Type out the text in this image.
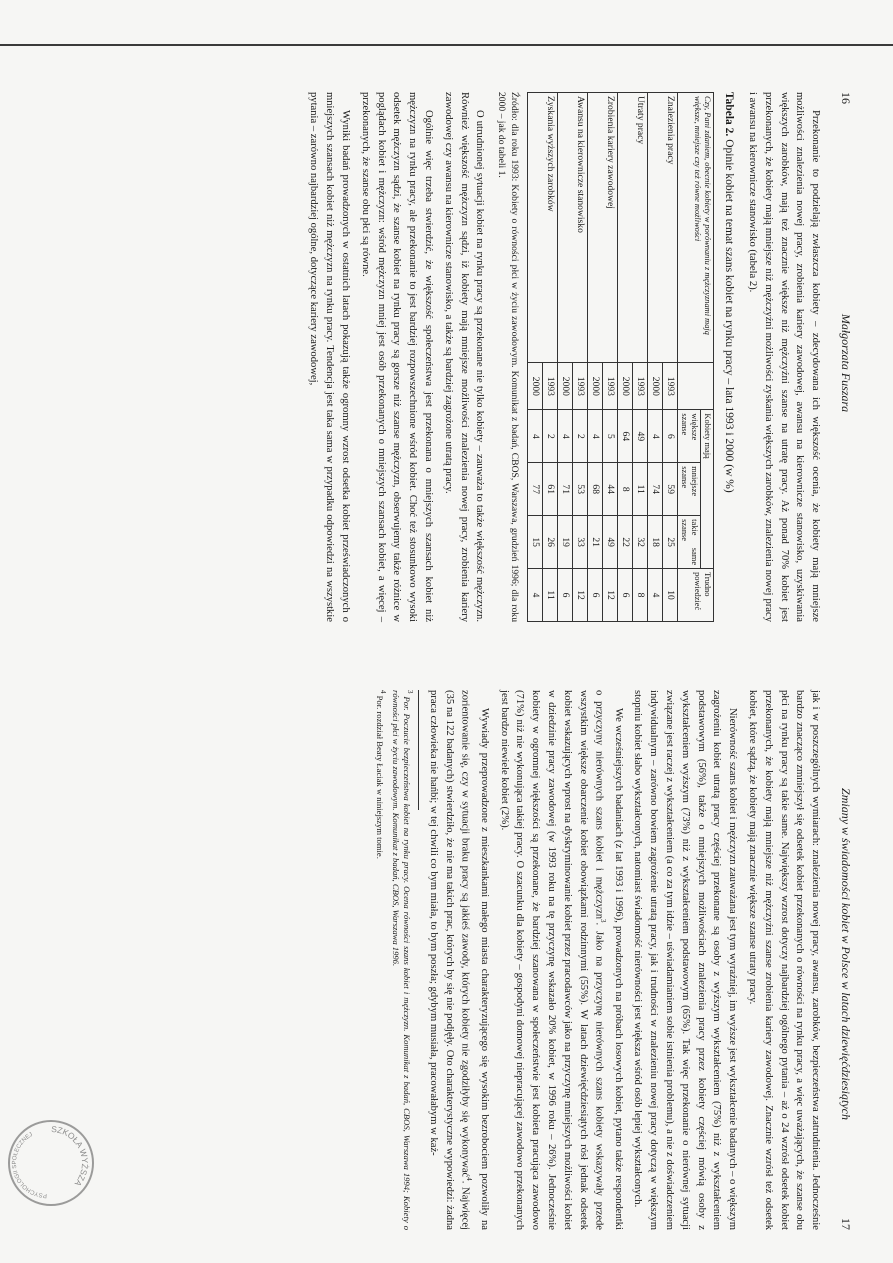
16
Małgorzata Fuszara

Przekonanie to podzielają zwłaszcza kobiety – zdecydowana ich większość ocenia, że kobiety mają mniejsze możliwości znalezienia nowej pracy, zrobienia kariery zawodowej, awansu na kierownicze stanowisko, uzyskiwania większych zarobków, mają też znacznie większe niż mężczyźni szanse na utratę pracy. Aż ponad 70% kobiet jest przekonanych, że kobiety mają mniejsze niż mężczyźni możliwości zyskania większych zarobków, znalezienia nowej pracy i awansu na kierownicze stanowisko (tabela 2).

Tabela 2. Opinie kobiet na temat szans kobiet na rynku pracy – lata 1993 i 2000 (w %)

Czy, Pani zdaniem, obecnie kobiety w porównaniu z mężczyznami mają większe, mniejsze czy też równe możliwości		Kobiety mają			Trudno powiedzieć
		większe szanse	mniejsze szanse	takie same szanse	
Znalezienia pracy	1993	6	59	25	10
	2000	4	74	18	4
Utraty pracy	1993	49	11	32	8
	2000	64	8	22	6
Zrobienia kariery zawodowej	1993	5	44	49	12
	2000	4	68	21	6
Awansu na kierownicze stanowisko	1993	2	53	33	12
	2000	4	71	19	6
Zyskania wyższych zarobków	1993	2	61	26	11
	2000	4	77	15	4

Źródło: dla roku 1993: Kobiety o równości płci w życiu zawodowym. Komunikat z badań, CBOS, Warszawa, grudzień 1996; dla roku 2000 – jak do tabeli 1.

O utrudnionej sytuacji kobiet na rynku pracy są przekonane nie tylko kobiety – zauważa to także większość mężczyzn. Również większość mężczyzn sądzi, iż kobiety mają mniejsze możliwości znalezienia nowej pracy, zrobienia kariery zawodowej czy awansu na kierownicze stanowisko, a także są bardziej zagrożone utratą pracy.

Ogólnie więc trzeba stwierdzić, że większość społeczeństwa jest przekonana o mniejszych szansach kobiet niż mężczyzn na rynku pracy, ale przekonanie to jest bardziej rozpowszechnione wśród kobiet. Choć też stosunkowo wysoki odsetek mężczyzn sądzi, że szanse kobiet na rynku pracy są gorsze niż szanse mężczyzn, obserwujemy także różnice w poglądach kobiet i mężczyzn: wśród mężczyzn mniej jest osób przekonanych o mniejszych szansach kobiet, a więcej – przekonanych, że szanse obu płci są równe.

Wyniki badań prowadzonych w ostatnich latach pokazują także ogromny wzrost odsetka kobiet przeświadczonych o mniejszych szansach kobiet niż mężczyzn na rynku pracy. Tendencja jest taka sama w przypadku odpowiedzi na wszystkie pytania – zarówno najbardziej ogólne, dotyczące kariery zawodowej,

Zmiany w świadomości kobiet w Polsce w latach dziewięćdziesiątych
17

jak i w poszczególnych wymiarach: znalezienia nowej pracy, awansu, zarobków, bezpieczeństwa zatrudnienia. Jednocześnie bardzo znacząco zmniejszył się odsetek kobiet przekonanych o równości na rynku pracy, a więc uważających, że szanse obu płci na rynku pracy są takie same. Największy wzrost dotyczy najbardziej ogólnego pytania – aż o 24 wzrósł odsetek kobiet przekonanych, że kobiety mają mniejsze niż mężczyźni szanse zrobienia kariery zawodowej. Znacznie wzrósł też odsetek kobiet, które sądzą, że kobiety mają znacznie większe szanse utraty pracy.

Nierówność szans kobiet i mężczyzn zauważana jest tym wyraźniej, im wyższe jest wykształcenie badanych – o większym zagrożeniu kobiet utratą pracy częściej przekonane są osoby z wyższym wykształceniem (75%) niż z wykształceniem podstawowym (56%), także o mniejszych możliwościach znalezienia pracy przez kobiety częściej mówią osoby z wykształceniem wyższym (73%) niż z wykształceniem podstawowym (65%). Tak więc przekonanie o nierównej sytuacji związane jest raczej z wykształceniem (a co za tym idzie – uświadamianiem sobie istnienia problemu), a nie z doświadczeniem indywidualnym – zarówno bowiem zagrożenie utratą pracy, jak i trudności w znalezieniu nowej pracy dotyczą w większym stopniu kobiet słabo wykształconych, natomiast świadomość nierówności jest większa wśród osób lepiej wykształconych.

We wcześniejszych badaniach (z lat 1993 i 1996), prowadzonych na próbach losowych kobiet, pytano także respondentki o przyczyny nierównych szans kobiet i mężczyzn$^3$. Jako na przyczynę nierównych szans kobiety wskazywały przede wszystkim większe obarczenie kobiet obowiązkami rodzinnymi (55%). W latach dziewięćdziesiątych rósł jednak odsetek kobiet wskazujących wprost na dyskryminowanie kobiet przez pracodawców jako na przyczynę mniejszych możliwości kobiet w dziedzinie pracy zawodowej (w 1993 roku na tę przyczynę wskazało 20% kobiet, w 1996 roku – 26%). Jednocześnie kobiety w ogromnej większości są przekonane, że bardziej szanowana w społeczeństwie jest kobieta pracująca zawodowo (71%) niż nie wykonująca takiej pracy. O szacunku dla kobiety – gospodyni domowej niepracującej zawodowo przekonanych jest bardzo niewiele kobiet (2%).

Wywiady przeprowadzone z mieszkankami małego miasta charakteryzującego się wysokim bezrobociem pozwoliły na zorientowanie się, czy w sytuacji braku pracy są jakieś zawody, których kobiety nie zgodziłyby się wykonywać$^4$. Najwięcej (35 na 122 badanych) stwierdziło, że nie ma takich prac, których by się nie podjęły. Oto charakterystyczne wypowiedzi: żadna praca człowieka nie hańbi; w tej chwili co bym miała, to bym poszła; gdybym musiała, pracowałabym w każ-

$^3$ Por. Poczucie bezpieczeństwa kobiet na rynku pracy. Ocena równości szans kobiet i mężczyzn. Komunikat z badań, CBOS, Warszawa 1994; Kobiety o równości płci w życiu zawodowym. Komunikat z badań, CBOS, Warszawa 1996.

$^4$ Por. rozdział Beaty Łaciak w niniejszym tomie.

SZKOŁA WYŻSZA
PSYCHOLOGII SPOŁECZNEJ
